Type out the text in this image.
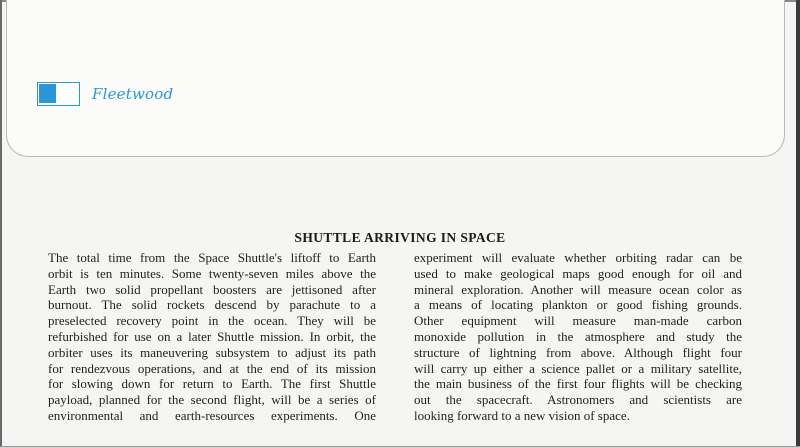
Fleetwood
SHUTTLE ARRIVING IN SPACE
The total time from the Space Shuttle's liftoff to Earth
orbit is ten minutes. Some twenty-seven miles above the
Earth two solid propellant boosters are jettisoned after
burnout. The solid rockets descend by parachute to a
preselected recovery point in the ocean. They will be
refurbished for use on a later Shuttle mission. In orbit, the
orbiter uses its maneuvering subsystem to adjust its path
for rendezvous operations, and at the end of its mission
for slowing down for return to Earth. The first Shuttle
payload, planned for the second flight, will be a series of
environmental and earth-resources experiments. One
experiment will evaluate whether orbiting radar can be
used to make geological maps good enough for oil and
mineral exploration. Another will measure ocean color as
a means of locating plankton or good fishing grounds.
Other equipment will measure man-made carbon
monoxide pollution in the atmosphere and study the
structure of lightning from above. Although flight four
will carry up either a science pallet or a military satellite,
the main business of the first four flights will be checking
out the spacecraft. Astronomers and scientists are
looking forward to a new vision of space.
